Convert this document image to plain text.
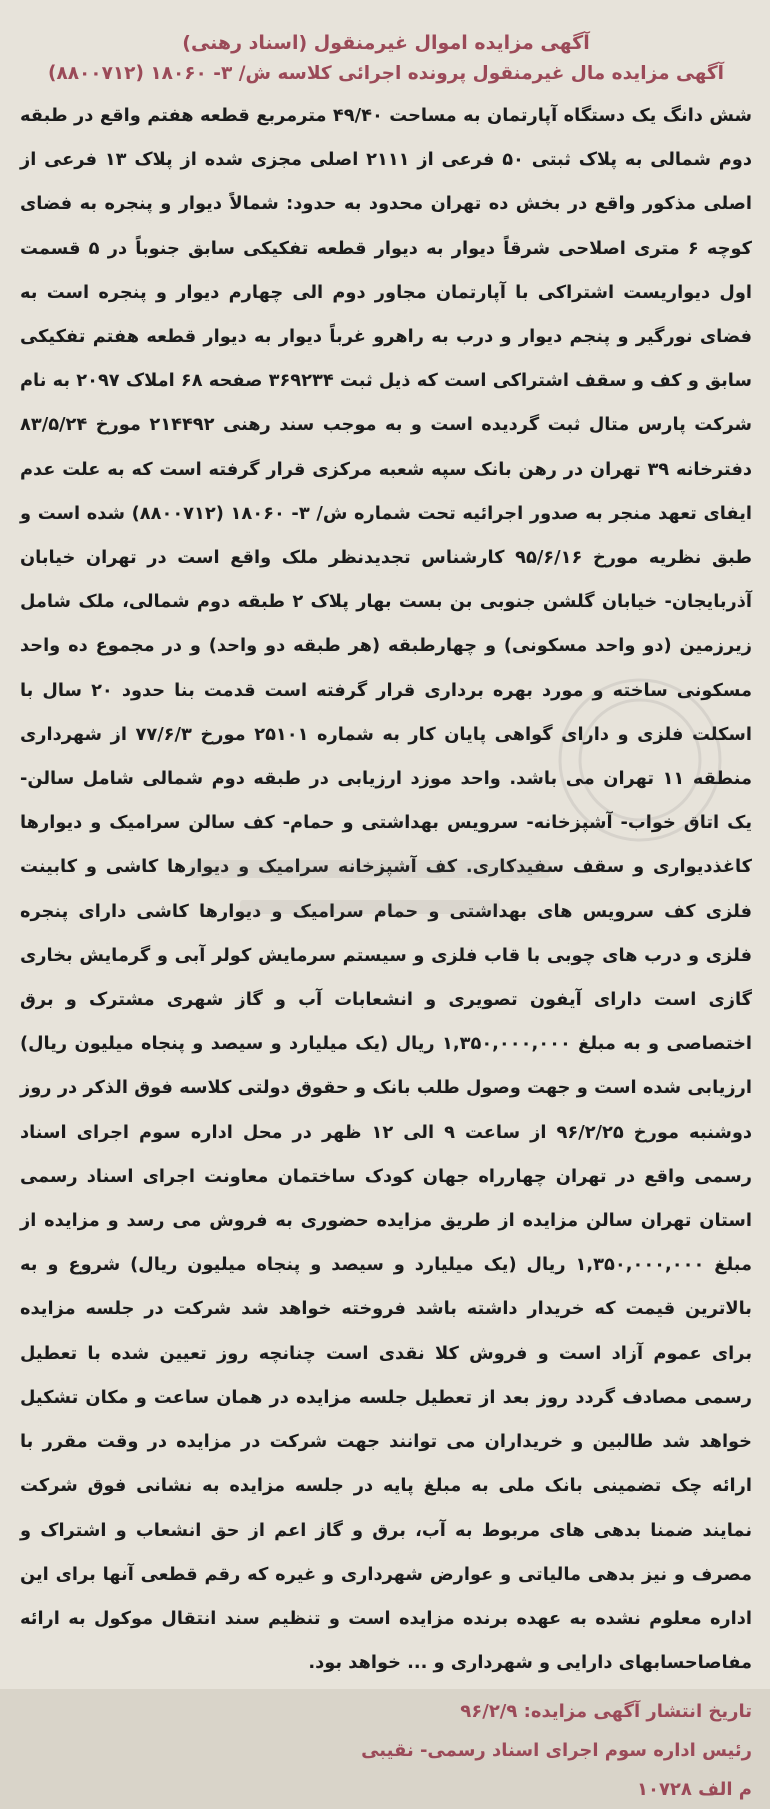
آگهی مزایده اموال غیرمنقول (اسناد رهنی)
آگهی مزایده مال غیرمنقول پرونده اجرائی کلاسه ش/ ۳- ۱۸۰۶۰ (۸۸۰۰۷۱۲)

شش دانگ یک دستگاه آپارتمان به مساحت ۴۹/۴۰ مترمربع قطعه هفتم واقع در طبقه دوم شمالی به پلاک ثبتی ۵۰ فرعی از ۲۱۱۱ اصلی مجزی شده از پلاک ۱۳ فرعی از اصلی مذکور واقع در بخش ده تهران محدود به حدود: شمالاً دیوار و پنجره به فضای کوچه ۶ متری اصلاحی شرقاً دیوار به دیوار قطعه تفکیکی سابق جنوباً در ۵ قسمت اول دیواریست اشتراکی با آپارتمان مجاور دوم الی چهارم دیوار و پنجره است به فضای نورگیر و پنجم دیوار و درب به راهرو غرباً دیوار به دیوار قطعه هفتم تفکیکی سابق و کف و سقف اشتراکی است که ذیل ثبت ۳۶۹۲۳۴ صفحه ۶۸ املاک ۲۰۹۷ به نام شرکت پارس متال ثبت گردیده است و به موجب سند رهنی ۲۱۴۴۹۲ مورخ ۸۳/۵/۲۴ دفترخانه ۳۹ تهران در رهن بانک سپه شعبه مرکزی قرار گرفته است که به علت عدم ایفای تعهد منجر به صدور اجرائیه تحت شماره ش/ ۳- ۱۸۰۶۰ (۸۸۰۰۷۱۲) شده است و طبق نظریه مورخ ۹۵/۶/۱۶ کارشناس تجدیدنظر ملک واقع است در تهران خیابان آذربایجان- خیابان گلشن جنوبی بن بست بهار پلاک ۲ طبقه دوم شمالی، ملک شامل زیرزمین (دو واحد مسکونی) و چهارطبقه (هر طبقه دو واحد) و در مجموع ده واحد مسکونی ساخته و مورد بهره برداری قرار گرفته است قدمت بنا حدود ۲۰ سال با اسکلت فلزی و دارای گواهی پایان کار به شماره ۲۵۱۰۱ مورخ ۷۷/۶/۳ از شهرداری منطقه ۱۱ تهران می باشد. واحد موزد ارزیابی در طبقه دوم شمالی شامل سالن- یک اتاق خواب- آشپزخانه- سرویس بهداشتی و حمام- کف سالن سرامیک و دیوارها کاغذدیواری و سقف سفیدکاری. کف آشپزخانه سرامیک و دیوارها کاشی و کابینت فلزی کف سرویس های بهداشتی و حمام سرامیک و دیوارها کاشی دارای پنجره فلزی و درب های چوبی با قاب فلزی و سیستم سرمایش کولر آبی و گرمایش بخاری گازی است دارای آیفون تصویری و انشعابات آب و گاز شهری مشترک و برق اختصاصی و به مبلغ ۱,۳۵۰,۰۰۰,۰۰۰ ریال (یک میلیارد و سیصد و پنجاه میلیون ریال) ارزیابی شده است و جهت وصول طلب بانک و حقوق دولتی کلاسه فوق الذکر در روز دوشنبه مورخ ۹۶/۲/۲۵ از ساعت ۹ الی ۱۲ ظهر در محل اداره سوم اجرای اسناد رسمی واقع در تهران چهارراه جهان کودک ساختمان معاونت اجرای اسناد رسمی استان تهران سالن مزایده از طریق مزایده حضوری به فروش می رسد و مزایده از مبلغ ۱,۳۵۰,۰۰۰,۰۰۰ ریال (یک میلیارد و سیصد و پنجاه میلیون ریال) شروع و به بالاترین قیمت که خریدار داشته باشد فروخته خواهد شد شرکت در جلسه مزایده برای عموم آزاد است و فروش کلا نقدی است چنانچه روز تعیین شده با تعطیل رسمی مصادف گردد روز بعد از تعطیل جلسه مزایده در همان ساعت و مکان تشکیل خواهد شد طالبین و خریداران می توانند جهت شرکت در مزایده در وقت مقرر با ارائه چک تضمینی بانک ملی به مبلغ پایه در جلسه مزایده به نشانی فوق شرکت نمایند ضمنا بدهی های مربوط به آب، برق و گاز اعم از حق انشعاب و اشتراک و مصرف و نیز بدهی مالیاتی و عوارض شهرداری و غیره که رقم قطعی آنها برای این اداره معلوم نشده به عهده برنده مزایده است و تنظیم سند انتقال موکول به ارائه مفاصاحسابهای دارایی و شهرداری و ... خواهد بود.

تاریخ انتشار آگهی مزایده: ۹۶/۲/۹
رئیس اداره سوم اجرای اسناد رسمی- نقیبی
م الف ۱۰۷۲۸
